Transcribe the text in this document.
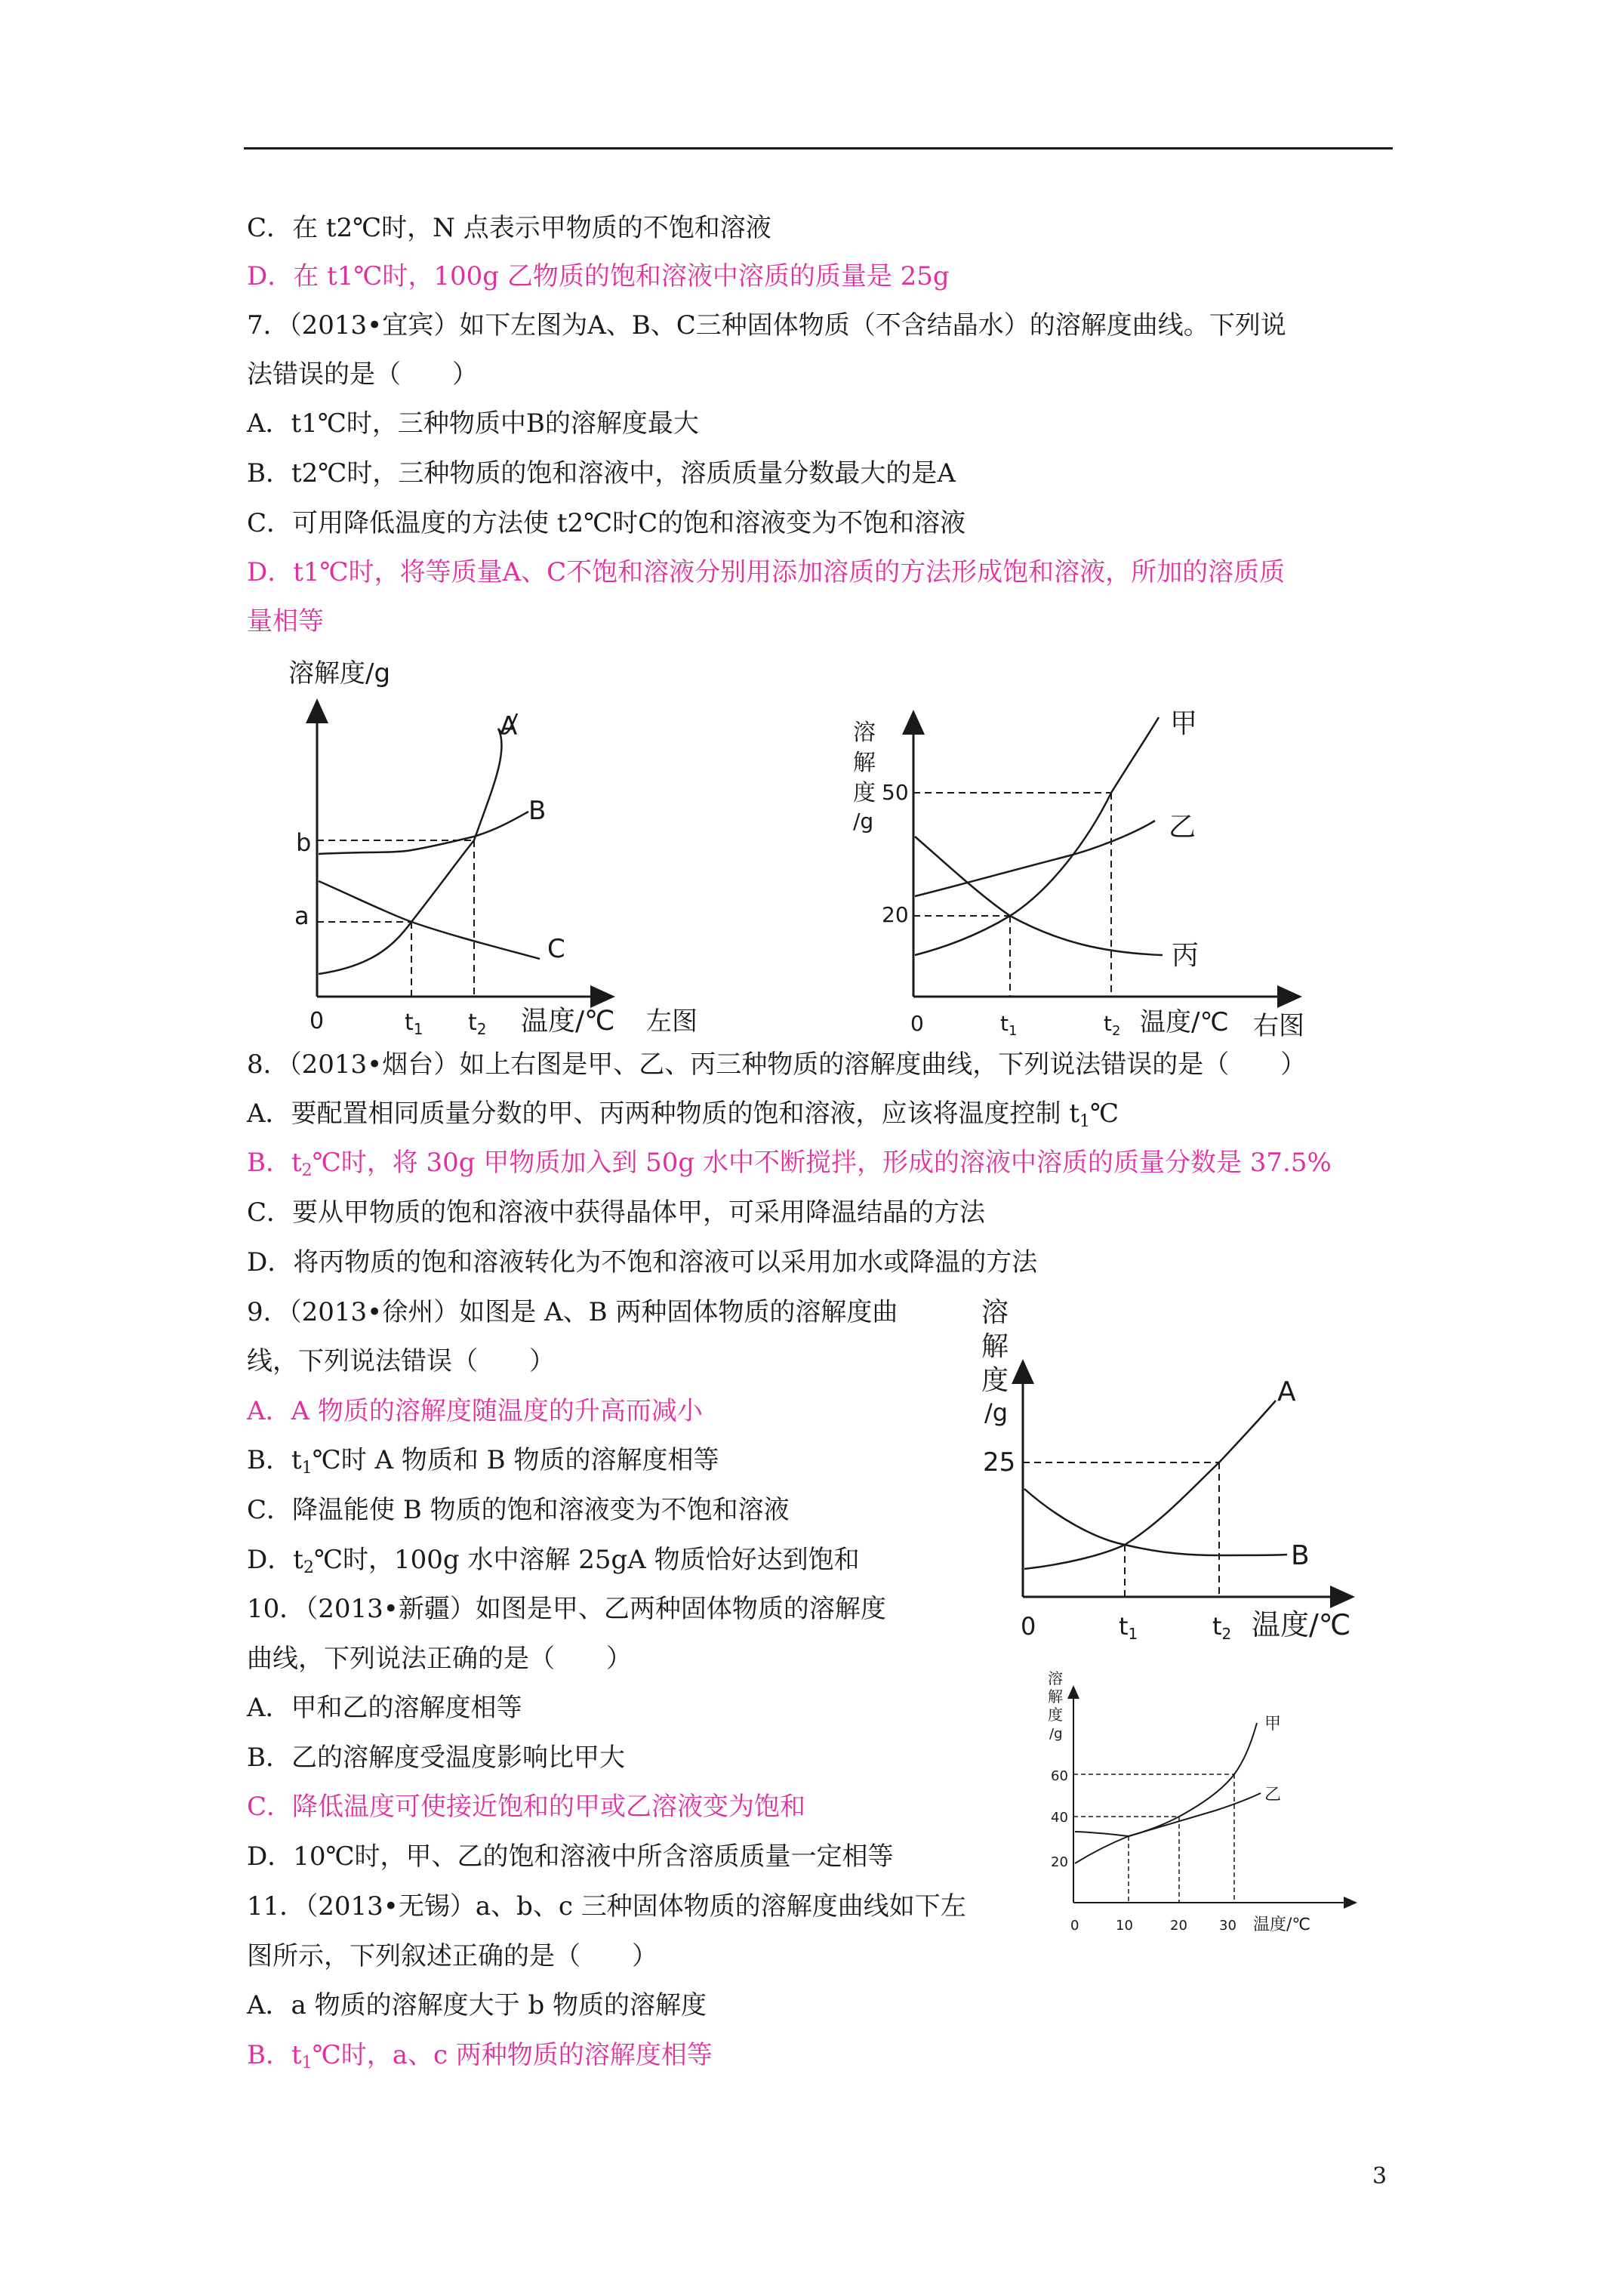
C．在 t2℃时，N 点表示甲物质的不饱和溶液
D．在 t1℃时，100g 乙物质的饱和溶液中溶质的质量是 25g
7．（2013•宜宾）如下左图为A、B、C三种固体物质（不含结晶水）的溶解度曲线。下列说
法错误的是（　　）
A．t1℃时，三种物质中B的溶解度最大
B．t2℃时，三种物质的饱和溶液中，溶质质量分数最大的是A
C．可用降低温度的方法使 t2℃时C的饱和溶液变为不饱和溶液
D．t1℃时，将等质量A、C不饱和溶液分别用添加溶质的方法形成饱和溶液，所加的溶质质
量相等
溶解度/g
b
a
0	$t_1$ $t_2$ 温度/℃ 左图
A
B
C
溶
解
度
/g
50
20
0	$t_1$	$t_2$ 温度/℃ 右图
甲
乙
丙
8．（2013•烟台）如上右图是甲、乙、丙三种物质的溶解度曲线，下列说法错误的是（　　）
A．要配置相同质量分数的甲、丙两种物质的饱和溶液，应该将温度控制 $t_1℃$
B．$t_2℃$时，将 30g 甲物质加入到 50g 水中不断搅拌，形成的溶液中溶质的质量分数是 37.5%
C．要从甲物质的饱和溶液中获得晶体甲，可采用降温结晶的方法
D．将丙物质的饱和溶液转化为不饱和溶液可以采用加水或降温的方法
9．（2013•徐州）如图是 A、B 两种固体物质的溶解度曲
线，下列说法错误（　　）
A．A 物质的溶解度随温度的升高而减小
B．$t_1℃$时 A 物质和 B 物质的溶解度相等
C．降温能使 B 物质的饱和溶液变为不饱和溶液
D．$t_2℃$时，100g 水中溶解 25gA 物质恰好达到饱和
溶
解
度
/g
25
0	t1	t2 温度/℃
A
B
10．（2013•新疆）如图是甲、乙两种固体物质的溶解度
曲线，下列说法正确的是（　　）
A．甲和乙的溶解度相等
B．乙的溶解度受温度影响比甲大
C．降低温度可使接近饱和的甲或乙溶液变为饱和
D．10℃时，甲、乙的饱和溶液中所含溶质质量一定相等
溶
解
度
/g
60
40
20
0	10	20 30 温度/℃
甲
乙
11．（2013•无锡）a、b、c 三种固体物质的溶解度曲线如下左
图所示，下列叙述正确的是（　　）
A．a 物质的溶解度大于 b 物质的溶解度
B．$t_1℃$时，a、c 两种物质的溶解度相等
3
